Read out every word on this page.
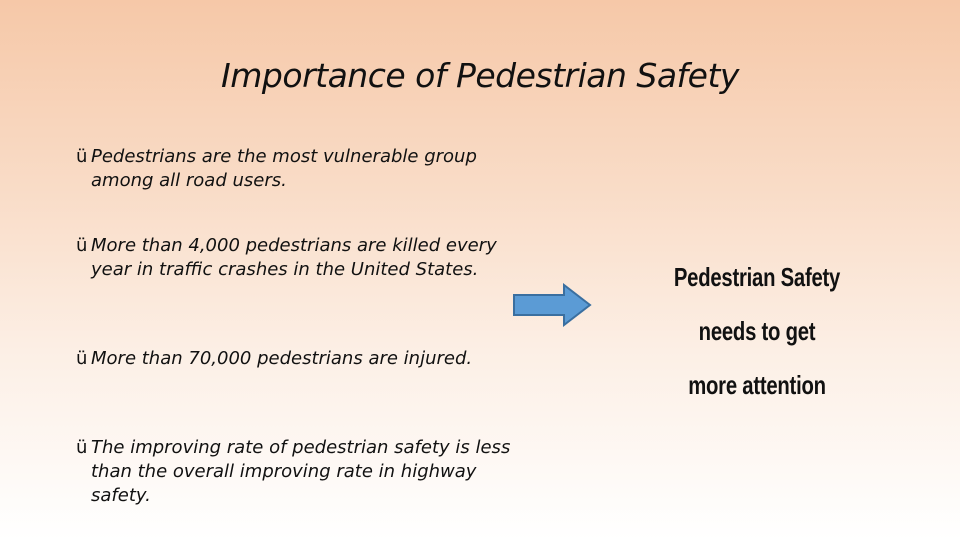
Importance of Pedestrian Safety
ü Pedestrians are the most vulnerable group among all road users.
ü More than 4,000 pedestrians are killed every year in traffic crashes in the United States.
ü More than 70,000 pedestrians are injured.
ü The improving rate of pedestrian safety is less than the overall improving rate in highway safety.
Pedestrian Safety needs to get
more attention
